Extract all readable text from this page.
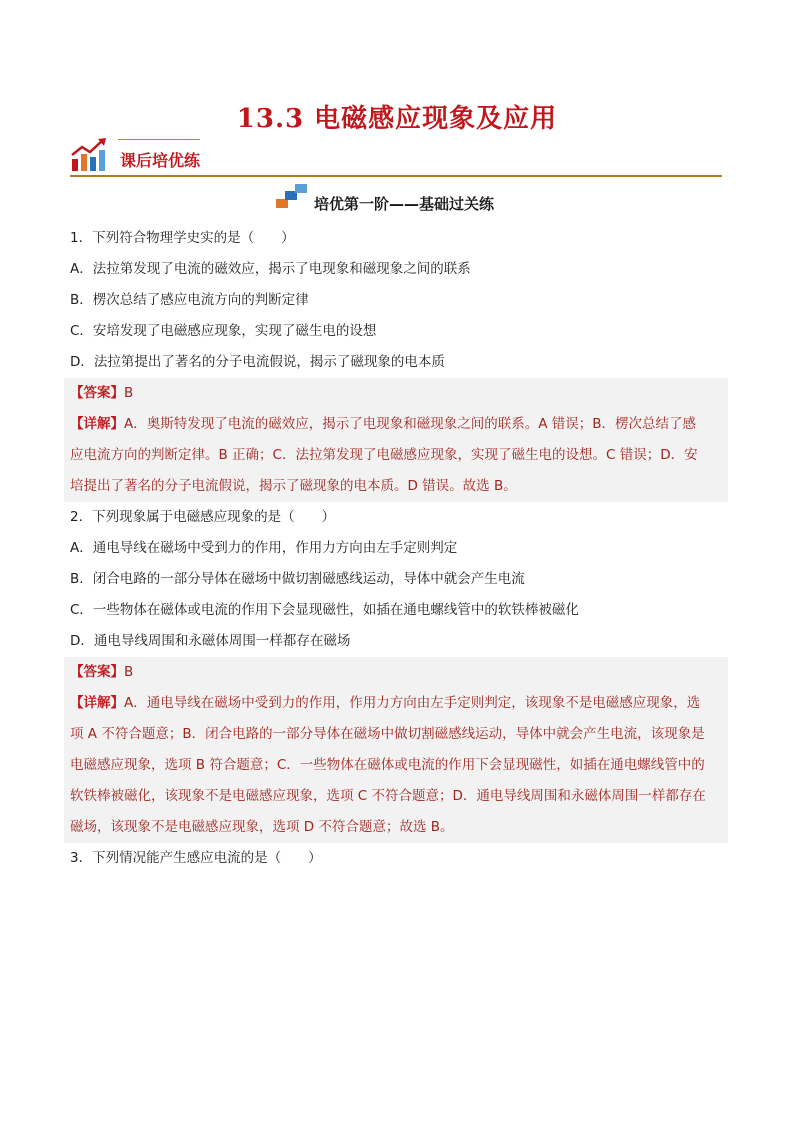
13.3 电磁感应现象及应用
课后培优练
培优第一阶——基础过关练
1．下列符合物理学史实的是（　　）
A．法拉第发现了电流的磁效应，揭示了电现象和磁现象之间的联系
B．楞次总结了感应电流方向的判断定律
C．安培发现了电磁感应现象，实现了磁生电的设想
D．法拉第提出了著名的分子电流假说，揭示了磁现象的电本质
【答案】B
【详解】A．奥斯特发现了电流的磁效应，揭示了电现象和磁现象之间的联系。A 错误；B．楞次总结了感
应电流方向的判断定律。B 正确；C．法拉第发现了电磁感应现象，实现了磁生电的设想。C 错误；D．安
培提出了著名的分子电流假说，揭示了磁现象的电本质。D 错误。故选 B。
2．下列现象属于电磁感应现象的是（　　）
A．通电导线在磁场中受到力的作用，作用力方向由左手定则判定
B．闭合电路的一部分导体在磁场中做切割磁感线运动，导体中就会产生电流
C．一些物体在磁体或电流的作用下会显现磁性，如插在通电螺线管中的软铁棒被磁化
D．通电导线周围和永磁体周围一样都存在磁场
【答案】B
【详解】A．通电导线在磁场中受到力的作用，作用力方向由左手定则判定，该现象不是电磁感应现象，选
项 A 不符合题意；B．闭合电路的一部分导体在磁场中做切割磁感线运动，导体中就会产生电流，该现象是
电磁感应现象，选项 B 符合题意；C．一些物体在磁体或电流的作用下会显现磁性，如插在通电螺线管中的
软铁棒被磁化，该现象不是电磁感应现象，选项 C 不符合题意；D．通电导线周围和永磁体周围一样都存在
磁场，该现象不是电磁感应现象，选项 D 不符合题意；故选 B。
3．下列情况能产生感应电流的是（　　）
